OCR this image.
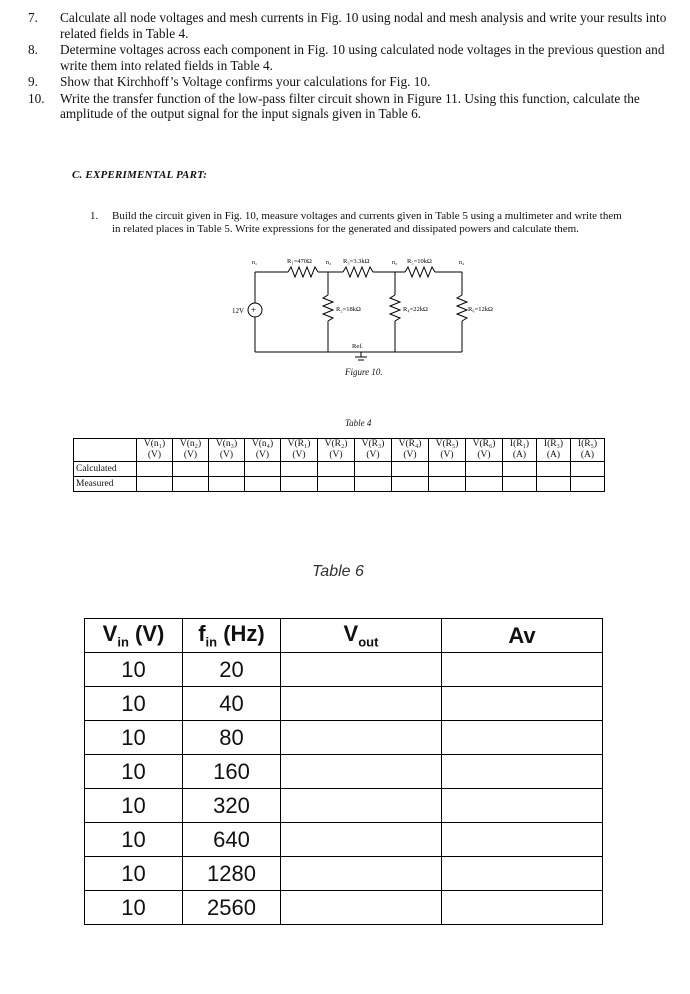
7.	Calculate all node voltages and mesh currents in Fig. 10 using nodal and mesh analysis and write your results into related fields in Table 4.
8.	Determine voltages across each component in Fig. 10 using calculated node voltages in the previous question and write them into related fields in Table 4.
9.	Show that Kirchhoff’s Voltage confirms your calculations for Fig. 10.
10.	Write the transfer function of the low-pass filter circuit shown in Figure 11. Using this function, calculate the amplitude of the output signal for the input signals given in Table 6.
C. EXPERIMENTAL PART:
1.	Build the circuit given in Fig. 10, measure voltages and currents given in Table 5 using a multimeter and write them in related places in Table 5. Write expressions for the generated and dissipated powers and calculate them.
+
12V
n₁	n₂	n₃	n₄
R₁=470Ω	R₃=3.3kΩ	R₅=10kΩ
R₂=18kΩ	R₄=22kΩ	R₆=12kΩ
Ref.
Figure 10.
Table 4
	V(n₁) (V)	V(n₂) (V)	V(n₃) (V)	V(n₄) (V)	V(R₁) (V)	V(R₂) (V)	V(R₃) (V)	V(R₄) (V)	V(R₅) (V)	V(R₆) (V)	I(R₁) (A)	I(R₃) (A)	I(R₅) (A)
Calculated													
Measured													
Table 6
$V_{in}$ (V)	$f_{in}$ (Hz)	$V_{out}$	Av
10	20		
10	40		
10	80		
10	160		
10	320		
10	640		
10	1280		
10	2560		
